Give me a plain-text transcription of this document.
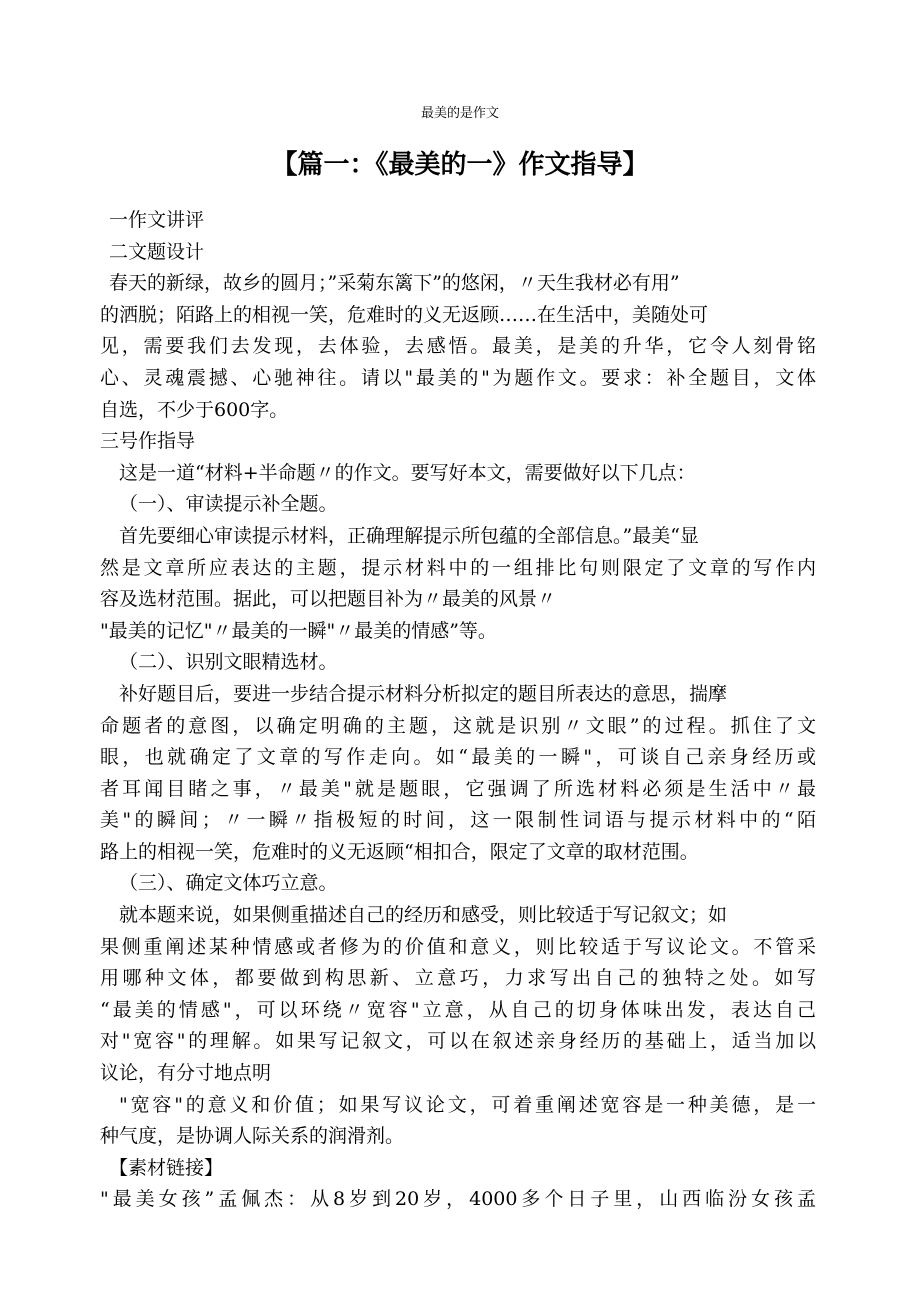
最美的是作文
【篇一：《最美的一》作文指导】
一作文讲评
二文题设计
春天的新绿，故乡的圆月；”采菊东篱下”的悠闲，〃天生我材必有用”
的洒脱；陌路上的相视一笑，危难时的义无返顾……在生活中，美随处可
见，需要我们去发现，去体验，去感悟。最美，是美的升华，它令人刻骨铭
心、灵魂震撼、心驰神往。请以"最美的"为题作文。要求：补全题目，文体
自选，不少于600字。
三号作指导
这是一道“材料+半命题〃的作文。要写好本文，需要做好以下几点：
（一）、审读提示补全题。
首先要细心审读提示材料，正确理解提示所包蕴的全部信息。”最美“显
然是文章所应表达的主题，提示材料中的一组排比句则限定了文章的写作内
容及选材范围。据此，可以把题目补为〃最美的风景〃
"最美的记忆"〃最美的一瞬"〃最美的情感”等。
（二）、识别文眼精选材。
补好题目后，要进一步结合提示材料分析拟定的题目所表达的意思，揣摩
命题者的意图，以确定明确的主题，这就是识别〃文眼”的过程。抓住了文
眼，也就确定了文章的写作走向。如“最美的一瞬"，可谈自己亲身经历或
者耳闻目睹之事，〃最美"就是题眼，它强调了所选材料必须是生活中〃最
美"的瞬间；〃一瞬〃指极短的时间，这一限制性词语与提示材料中的“陌
路上的相视一笑，危难时的义无返顾“相扣合，限定了文章的取材范围。
（三）、确定文体巧立意。
就本题来说，如果侧重描述自己的经历和感受，则比较适于写记叙文；如
果侧重阐述某种情感或者修为的价值和意义，则比较适于写议论文。不管采
用哪种文体，都要做到构思新、立意巧，力求写出自己的独特之处。如写
“最美的情感"，可以环绕〃宽容"立意，从自己的切身体味出发，表达自己
对"宽容"的理解。如果写记叙文，可以在叙述亲身经历的基础上，适当加以
议论，有分寸地点明
"宽容"的意义和价值；如果写议论文，可着重阐述宽容是一种美德，是一
种气度，是协调人际关系的润滑剂。
【素材链接】
"最美女孩”孟佩杰：从8岁到20岁，4000多个日子里，山西临汾女孩孟
